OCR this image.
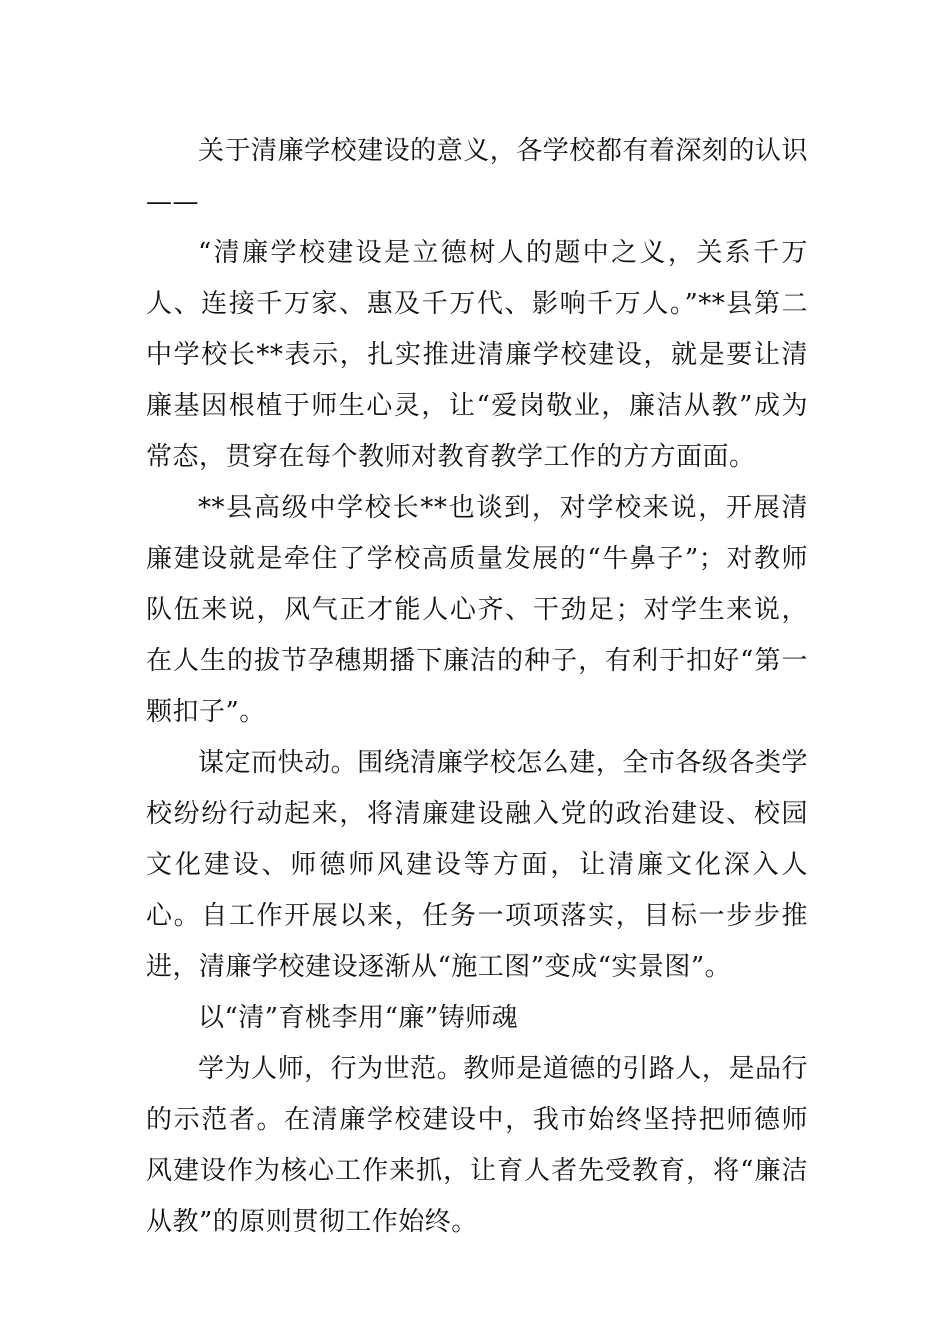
关于清廉学校建设的意义，各学校都有着深刻的认识——

“清廉学校建设是立德树人的题中之义，关系千万人、连接千万家、惠及千万代、影响千万人。”**县第二中学校长**表示，扎实推进清廉学校建设，就是要让清廉基因根植于师生心灵，让“爱岗敬业，廉洁从教”成为常态，贯穿在每个教师对教育教学工作的方方面面。

**县高级中学校长**也谈到，对学校来说，开展清廉建设就是牵住了学校高质量发展的“牛鼻子”；对教师队伍来说，风气正才能人心齐、干劲足；对学生来说，在人生的拔节孕穗期播下廉洁的种子，有利于扣好“第一颗扣子”。

谋定而快动。围绕清廉学校怎么建，全市各级各类学校纷纷行动起来，将清廉建设融入党的政治建设、校园文化建设、师德师风建设等方面，让清廉文化深入人心。自工作开展以来，任务一项项落实，目标一步步推进，清廉学校建设逐渐从“施工图”变成“实景图”。

以“清”育桃李用“廉”铸师魂

学为人师，行为世范。教师是道德的引路人，是品行的示范者。在清廉学校建设中，我市始终坚持把师德师风建设作为核心工作来抓，让育人者先受教育，将“廉洁从教”的原则贯彻工作始终。
